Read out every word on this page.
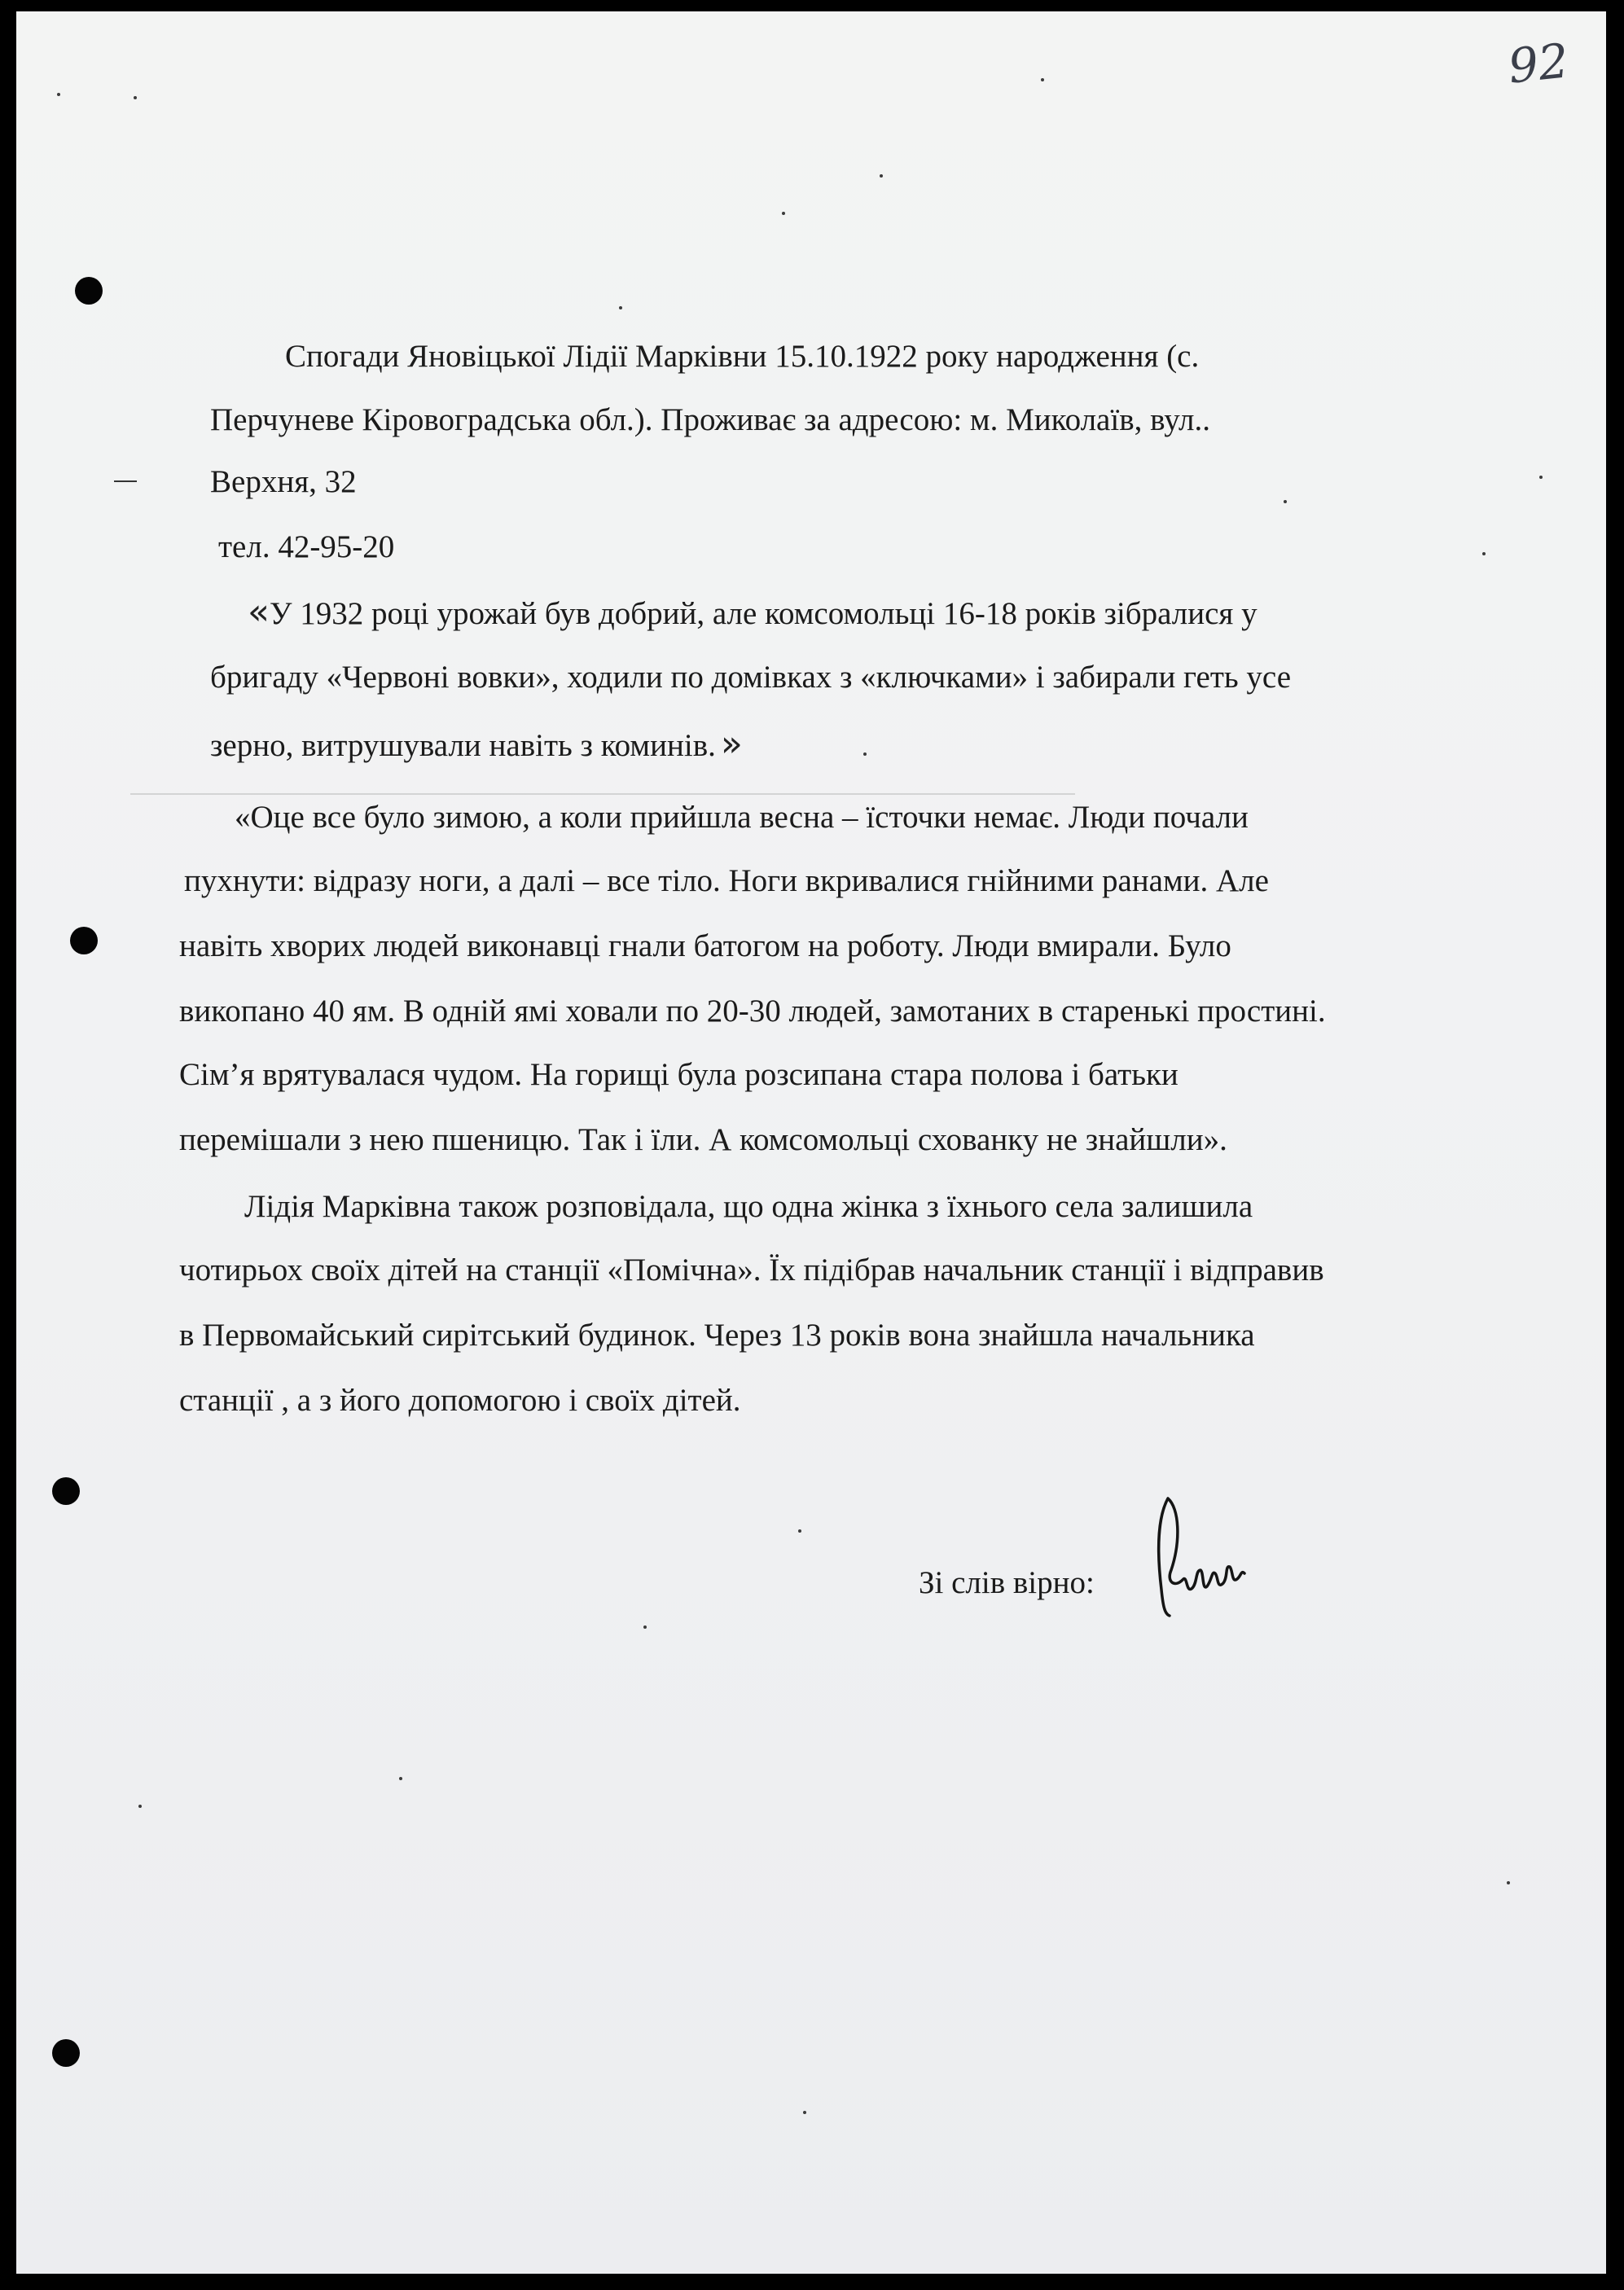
92
Спогади Яновіцької Лідії Марківни 15.10.1922 року народження (с.
Перчуневе Кіровоградська обл.). Проживає за адресою: м. Миколаїв, вул..
Верхня, 32
тел. 42-95-20
«У 1932 році урожай був добрий, але комсомольці 16-18 років зібралися у
бригаду «Червоні вовки», ходили по домівках з «ключками» і забирали геть усе
зерно, витрушували навіть з коминів. »
«Оце все було зимою, а коли прийшла весна – їсточки немає. Люди почали
пухнути: відразу ноги, а далі – все тіло. Ноги вкривалися гнійними ранами. Але
навіть хворих людей виконавці гнали батогом на роботу. Люди вмирали. Було
викопано 40 ям. В одній ямі ховали по 20-30 людей, замотаних в старенькі простині.
Сім’я врятувалася чудом. На горищі була розсипана стара полова і батьки
перемішали з нею пшеницю. Так і їли. А комсомольці схованку не знайшли».
Лідія Марківна також розповідала, що одна жінка з їхнього села залишила
чотирьох своїх дітей на станції «Помічна». Їх підібрав начальник станції і відправив
в Первомайський сирітський будинок. Через 13 років вона знайшла начальника
станції , а з його допомогою і своїх дітей.
Зі слів вірно:
